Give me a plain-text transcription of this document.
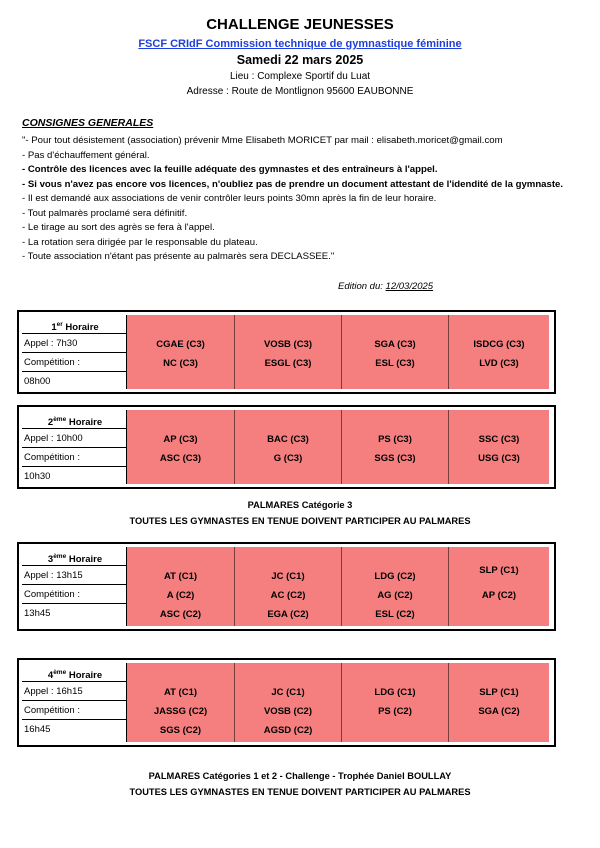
CHALLENGE JEUNESSES
FSCF CRIdF Commission technique de gymnastique féminine
Samedi 22 mars 2025
Lieu : Complexe Sportif du Luat
Adresse : Route de Montlignon 95600 EAUBONNE
CONSIGNES GENERALES
"- Pour tout désistement (association) prévenir Mme Elisabeth MORICET par mail : elisabeth.moricet@gmail.com
- Pas d'échauffement général.
- Contrôle des licences avec la feuille adéquate des gymnastes et des entraîneurs à l'appel.
- Si vous n'avez pas encore vos licences, n'oubliez pas de prendre un document attestant de l'idendité de la gymnaste.
- Il est demandé aux associations de venir contrôler leurs points 30mn après la fin de leur horaire.
- Tout palmarès proclamé sera définitif.
- Le tirage au sort des agrès se fera à l'appel.
- La rotation sera dirigée par le responsable du plateau.
- Toute association n'étant pas présente au palmarès sera DECLASSEE."
Edition du: 12/03/2025
1er Horaire
Appel : 7h30
Compétition :
08h00
CGAE (C3)
NC (C3)
VOSB (C3)
ESGL (C3)
SGA (C3)
ESL (C3)
ISDCG (C3)
LVD (C3)
2ème Horaire
Appel : 10h00
Compétition :
10h30
AP (C3)
ASC (C3)
BAC (C3)
G (C3)
PS (C3)
SGS (C3)
SSC (C3)
USG (C3)
PALMARES Catégorie 3
TOUTES LES GYMNASTES EN TENUE DOIVENT PARTICIPER AU PALMARES
3ème Horaire
Appel : 13h15
Compétition :
13h45
AT (C1)
A (C2)
ASC (C2)
JC (C1)
AC (C2)
EGA (C2)
LDG (C2)
AG (C2)
ESL (C2)
SLP (C1)
AP (C2)
4ème Horaire
Appel : 16h15
Compétition :
16h45
AT (C1)
JASSG (C2)
SGS (C2)
JC (C1)
VOSB (C2)
AGSD (C2)
LDG (C1)
PS (C2)
SLP (C1)
SGA (C2)
PALMARES Catégories 1 et 2 - Challenge - Trophée Daniel BOULLAY
TOUTES LES GYMNASTES EN TENUE DOIVENT PARTICIPER AU PALMARES
